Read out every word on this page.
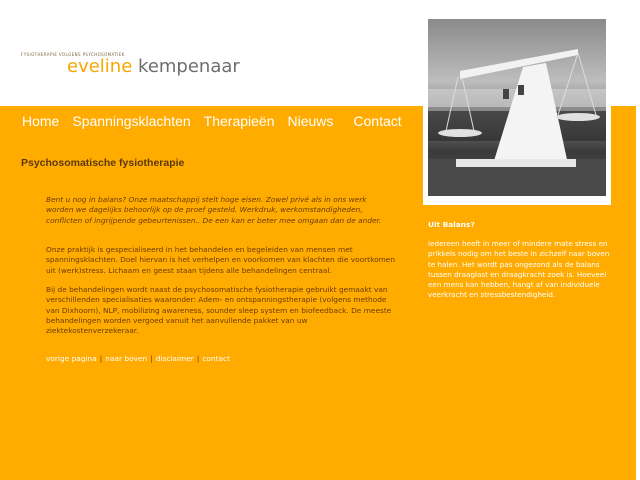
FYSIOTHERAPIE VOLGENS PSYCHOSOMATIEK
eveline kempenaar
Home Spanningsklachten Therapieën Nieuws Contact
Psychosomatische fysiotherapie
Bent u nog in balans? Onze maatschappij stelt hoge eisen. Zowel privé als in ons werk worden we dagelijks behoorlijk op de proef gesteld. Werkdruk, werkomstandigheden, conflicten of ingrijpende gebeurtenissen.. De een kan er beter mee omgaan dan de ander.
Onze praktijk is gespecialiseerd in het behandelen en begeleiden van mensen met spanningsklachten. Doel hiervan is het verhelpen en voorkomen van klachten die voortkomen uit (werk)stress. Lichaam en geest staan tijdens alle behandelingen centraal.
Bij de behandelingen wordt naast de psychosomatische fysiotherapie gebruikt gemaakt van verschillenden specialisaties waaronder: Adem- en ontspanningstherapie (volgens methode van Dixhoorn), NLP, mobilizing awareness, sounder sleep system en biofeedback. De meeste behandelingen worden vergoed vanuit het aanvullende pakket van uw ziektekostenverzekeraar.
vorige pagina | naar boven | disclaimer | contact
Uit Balans?
Iedereen heeft in meer of mindere mate stress en prikkels nodig om het beste in zichzelf naar boven te halen. Het wordt pas ongezond als de balans tussen draaglast en draagkracht zoek is. Hoeveel een mens kan hebben, hangt af van individuele veerkracht en stressbestendigheid.
